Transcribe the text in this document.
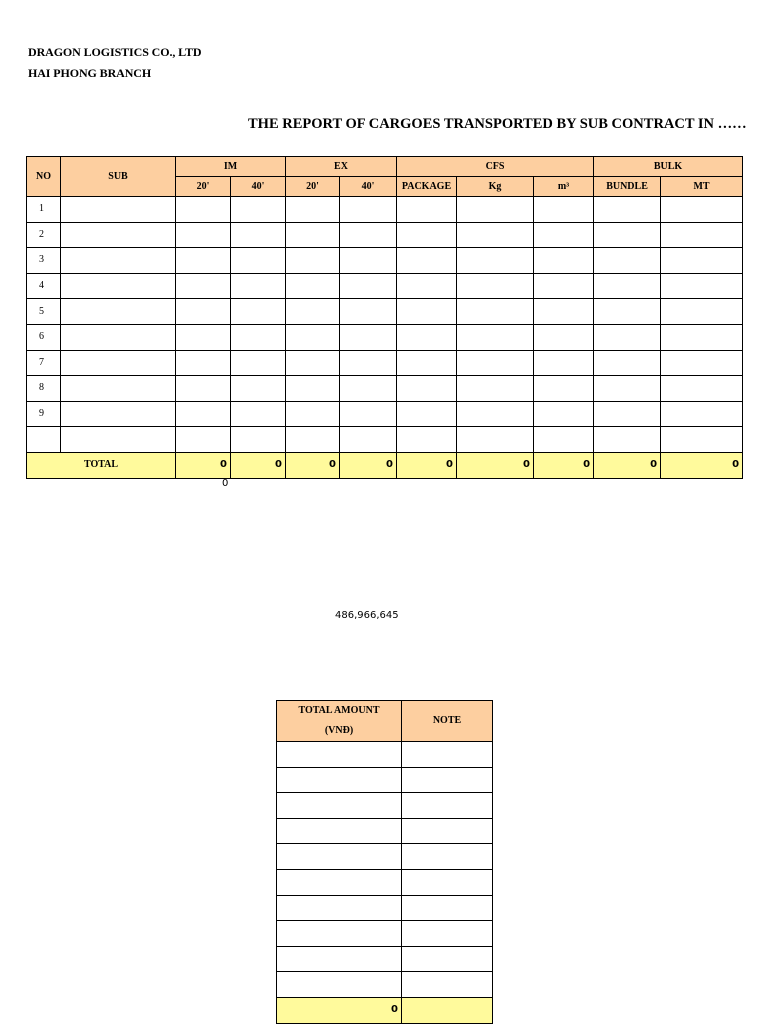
DRAGON LOGISTICS CO., LTD
HAI PHONG BRANCH
THE REPORT OF CARGOES TRANSPORTED BY SUB CONTRACT IN ……
NO	SUB	IM		EX		CFS			BULK	
		20'	40'	20'	40'	PACKAGE	Kg	m³	BUNDLE	MT
1										
2										
3										
4										
5										
6										
7										
8										
9										

TOTAL		0	0	0	0	0	0	0	0	0
0
486,966,645
TOTAL AMOUNT
(VNĐ)	NOTE

0	
